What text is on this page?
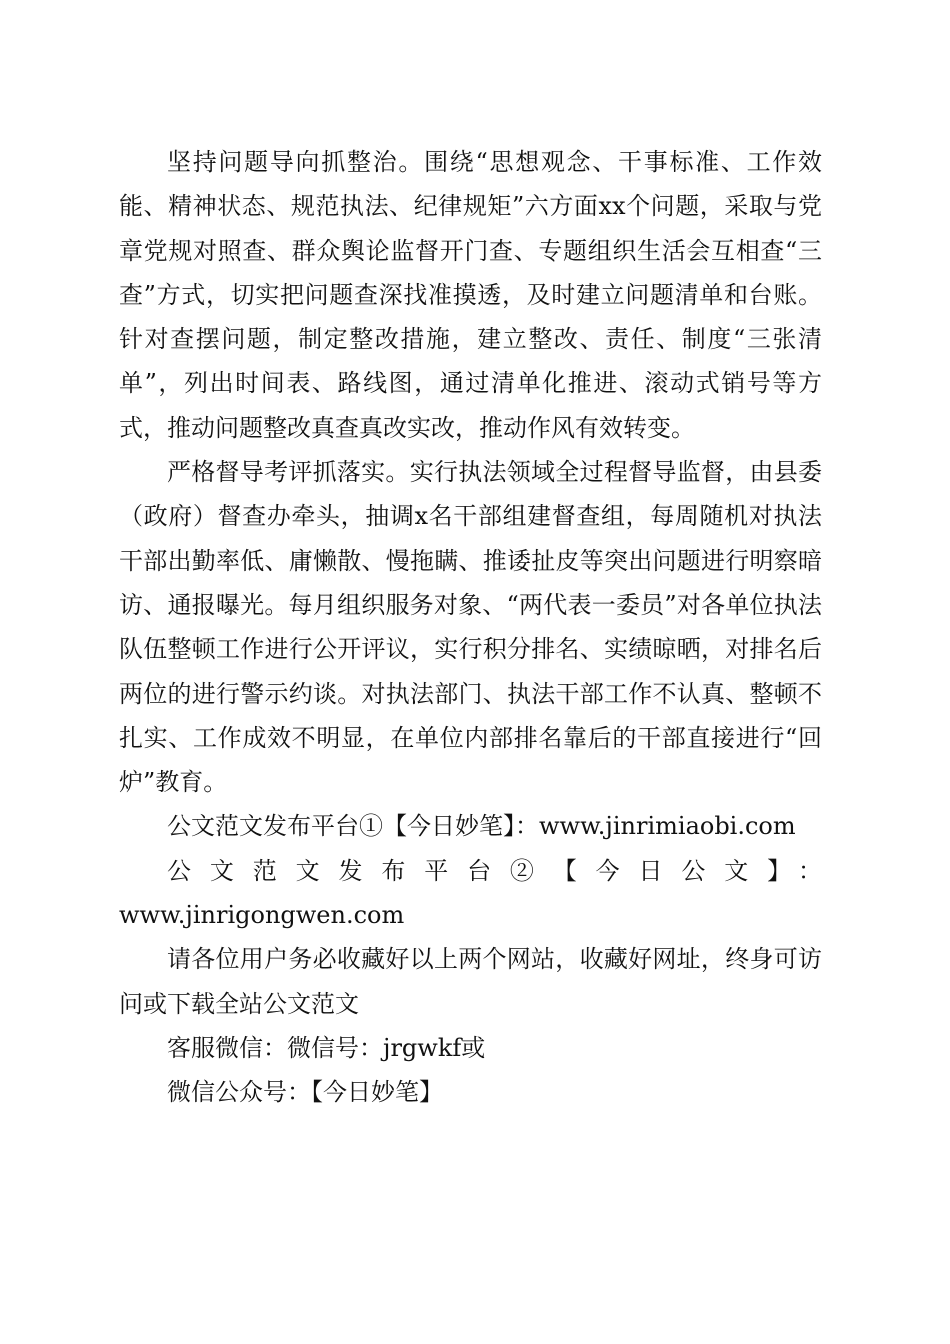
坚持问题导向抓整治。围绕“思想观念、干事标准、工作效能、精神状态、规范执法、纪律规矩”六方面xx个问题，采取与党章党规对照查、群众舆论监督开门查、专题组织生活会互相查“三查”方式，切实把问题查深找准摸透，及时建立问题清单和台账。针对查摆问题，制定整改措施，建立整改、责任、制度“三张清单”，列出时间表、路线图，通过清单化推进、滚动式销号等方式，推动问题整改真查真改实改，推动作风有效转变。

严格督导考评抓落实。实行执法领域全过程督导监督，由县委（政府）督查办牵头，抽调x名干部组建督查组，每周随机对执法干部出勤率低、庸懒散、慢拖瞒、推诿扯皮等突出问题进行明察暗访、通报曝光。每月组织服务对象、“两代表一委员”对各单位执法队伍整顿工作进行公开评议，实行积分排名、实绩晾晒，对排名后两位的进行警示约谈。对执法部门、执法干部工作不认真、整顿不扎实、工作成效不明显，在单位内部排名靠后的干部直接进行“回炉”教育。

公文范文发布平台①【今日妙笔】：www.jinrimiaobi.com

公文范文发布平台②【今日公文】：

www.jinrigongwen.com

请各位用户务必收藏好以上两个网站，收藏好网址，终身可访问或下载全站公文范文

客服微信：微信号：jrgwkf或

微信公众号：【今日妙笔】
